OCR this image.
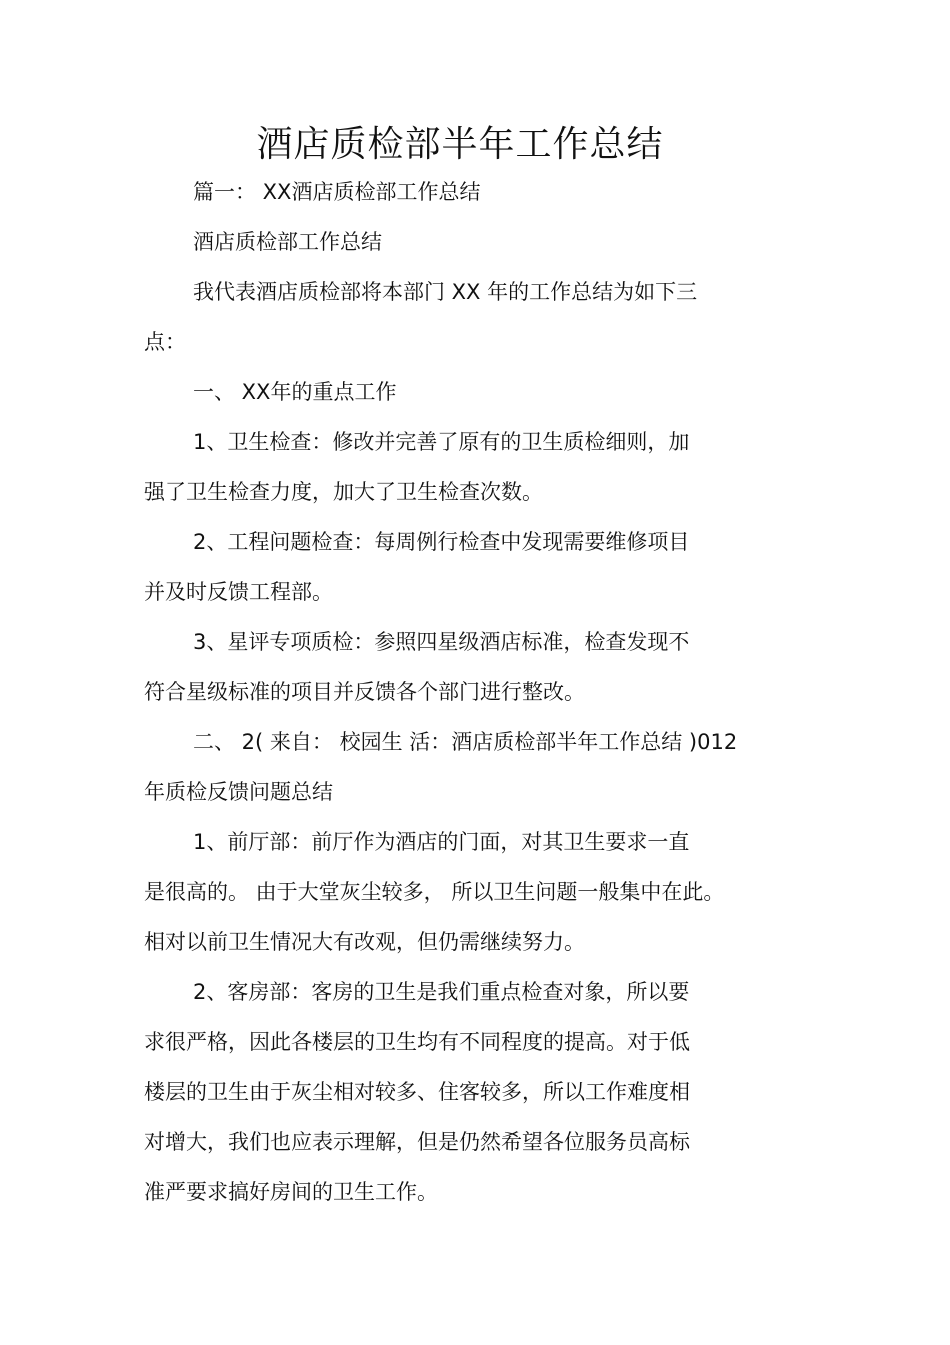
酒店质检部半年工作总结
篇一： XX酒店质检部工作总结
酒店质检部工作总结
我代表酒店质检部将本部门 XX 年的工作总结为如下三
点：
一、 XX年的重点工作
1、卫生检查：修改并完善了原有的卫生质检细则，加
强了卫生检查力度，加大了卫生检查次数。
2、工程问题检查：每周例行检查中发现需要维修项目
并及时反馈工程部。
3、星评专项质检：参照四星级酒店标准，检查发现不
符合星级标准的项目并反馈各个部门进行整改。
二、 2( 来自： 校园生 活：酒店质检部半年工作总结 )012
年质检反馈问题总结
1、前厅部：前厅作为酒店的门面，对其卫生要求一直
是很高的。 由于大堂灰尘较多， 所以卫生问题一般集中在此。
相对以前卫生情况大有改观，但仍需继续努力。
2、客房部：客房的卫生是我们重点检查对象，所以要
求很严格，因此各楼层的卫生均有不同程度的提高。对于低
楼层的卫生由于灰尘相对较多、住客较多，所以工作难度相
对增大，我们也应表示理解，但是仍然希望各位服务员高标
准严要求搞好房间的卫生工作。
